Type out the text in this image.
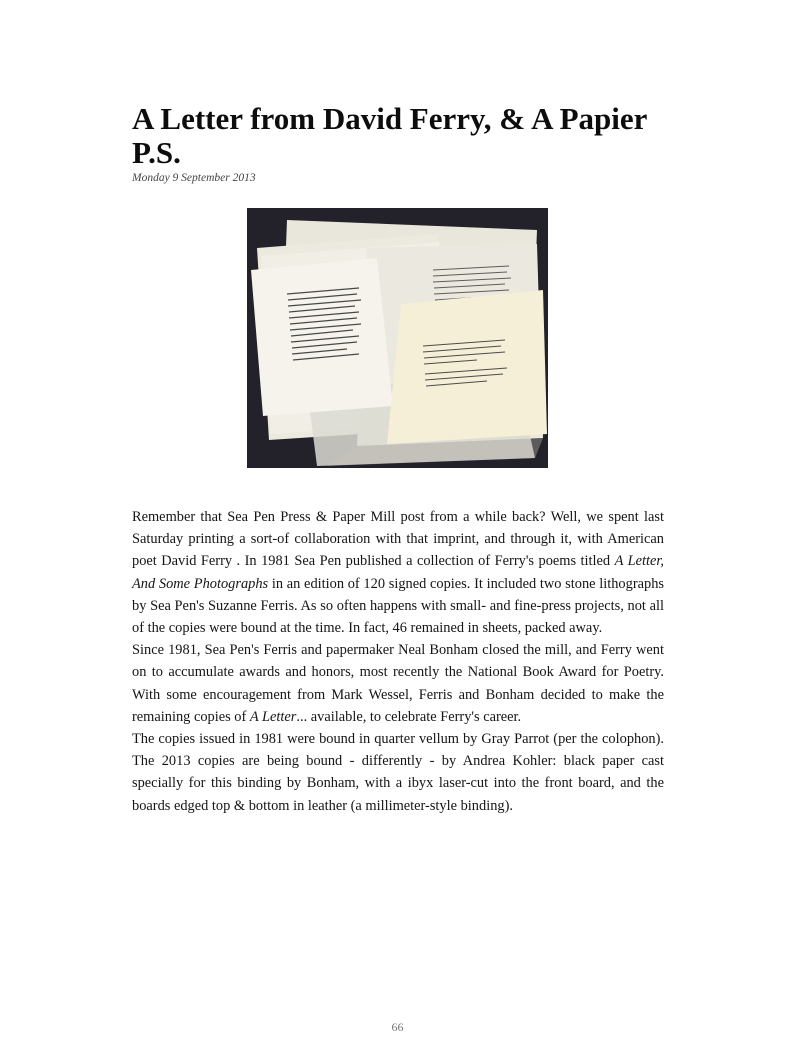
A Letter from David Ferry, & A Papier P.S.
Monday 9 September 2013

Remember that Sea Pen Press & Paper Mill post from a while back? Well, we spent last Saturday printing a sort-of collaboration with that imprint, and through it, with American poet David Ferry . In 1981 Sea Pen published a collection of Ferry's poems titled A Letter, And Some Photographs in an edition of 120 signed copies. It included two stone lithographs by Sea Pen's Suzanne Ferris. As so often happens with small- and fine-press projects, not all of the copies were bound at the time. In fact, 46 remained in sheets, packed away.

Since 1981, Sea Pen's Ferris and papermaker Neal Bonham closed the mill, and Ferry went on to accumulate awards and honors, most recently the National Book Award for Poetry. With some encouragement from Mark Wessel, Ferris and Bonham decided to make the remaining copies of A Letter... available, to celebrate Ferry's career.

The copies issued in 1981 were bound in quarter vellum by Gray Parrot (per the colophon). The 2013 copies are being bound - differently - by Andrea Kohler: black paper cast specially for this binding by Bonham, with a ibyx laser-cut into the front board, and the boards edged top & bottom in leather (a millimeter-style binding).

66
